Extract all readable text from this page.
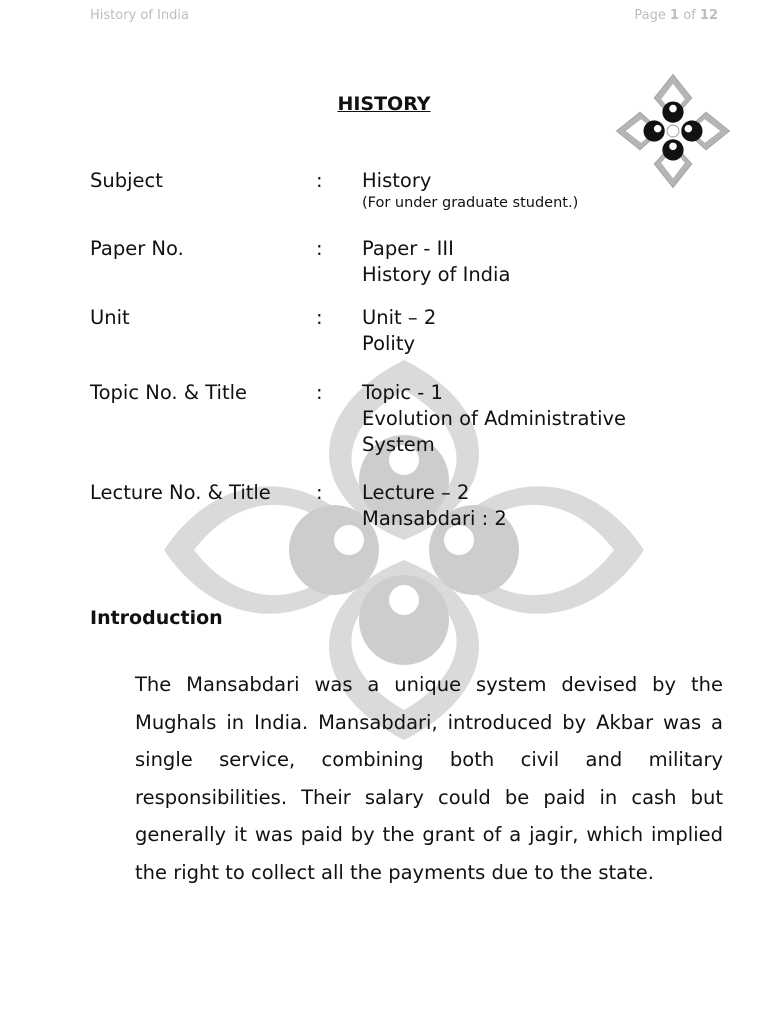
History of India	Page 1 of 12
HISTORY
Subject	:	History
(For under graduate student.)
Paper No.	:	Paper - III
History of India
Unit	:	Unit – 2
Polity
Topic No. & Title	:	Topic - 1
Evolution of Administrative
System
Lecture No. & Title	:	Lecture – 2
Mansabdari : 2
Introduction

The Mansabdari was a unique system devised by the Mughals in India. Mansabdari, introduced by Akbar was a single service, combining both civil and military responsibilities. Their salary could be paid in cash but generally it was paid by the grant of a jagir, which implied the right to collect all the payments due to the state.
